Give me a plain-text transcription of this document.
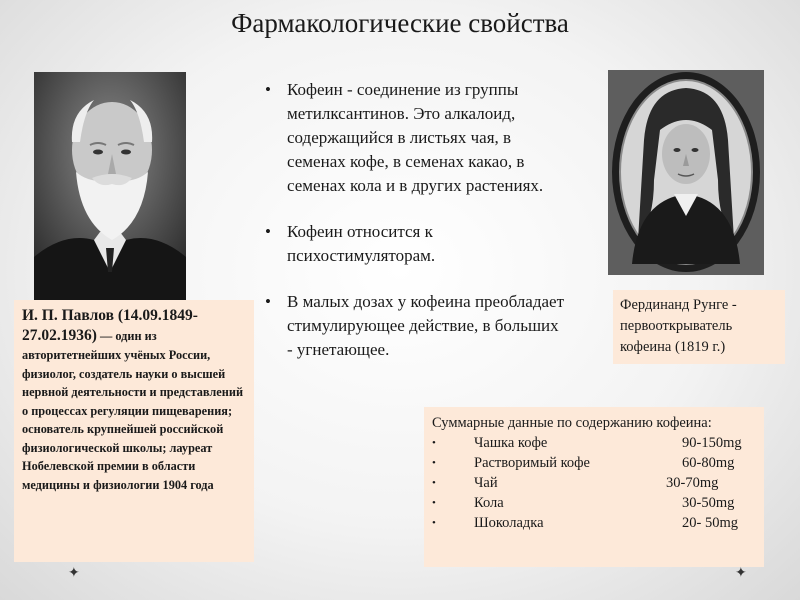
Фармакологические свойства
• Кофеин - соединение из группы метилксантинов. Это алкалоид, содержащийся в листьях чая, в семенах кофе, в семенах какао, в семенах кола и в других растениях.
• Кофеин относится к психостимуляторам.
• В малых дозах у кофеина преобладает стимулирующее действие, в больших - угнетающее.
И. П. Павлов (14.09.1849-27.02.1936) — один из авторитетнейших учёных России, физиолог, создатель науки о высшей нервной деятельности и представлений о процессах регуляции пищеварения; основатель крупнейшей российской физиологической школы; лауреат Нобелевской премии в области медицины и физиологии 1904 года
Фердинанд Рунге - первооткрыватель кофеина (1819 г.)
Суммарные данные по содержанию кофеина:
•	Чашка кофе	90-150mg
•	Растворимый кофе	60-80mg
•	Чай	30-70mg
•	Кола	30-50mg
•	Шоколадка	20- 50mg
✦	✦
